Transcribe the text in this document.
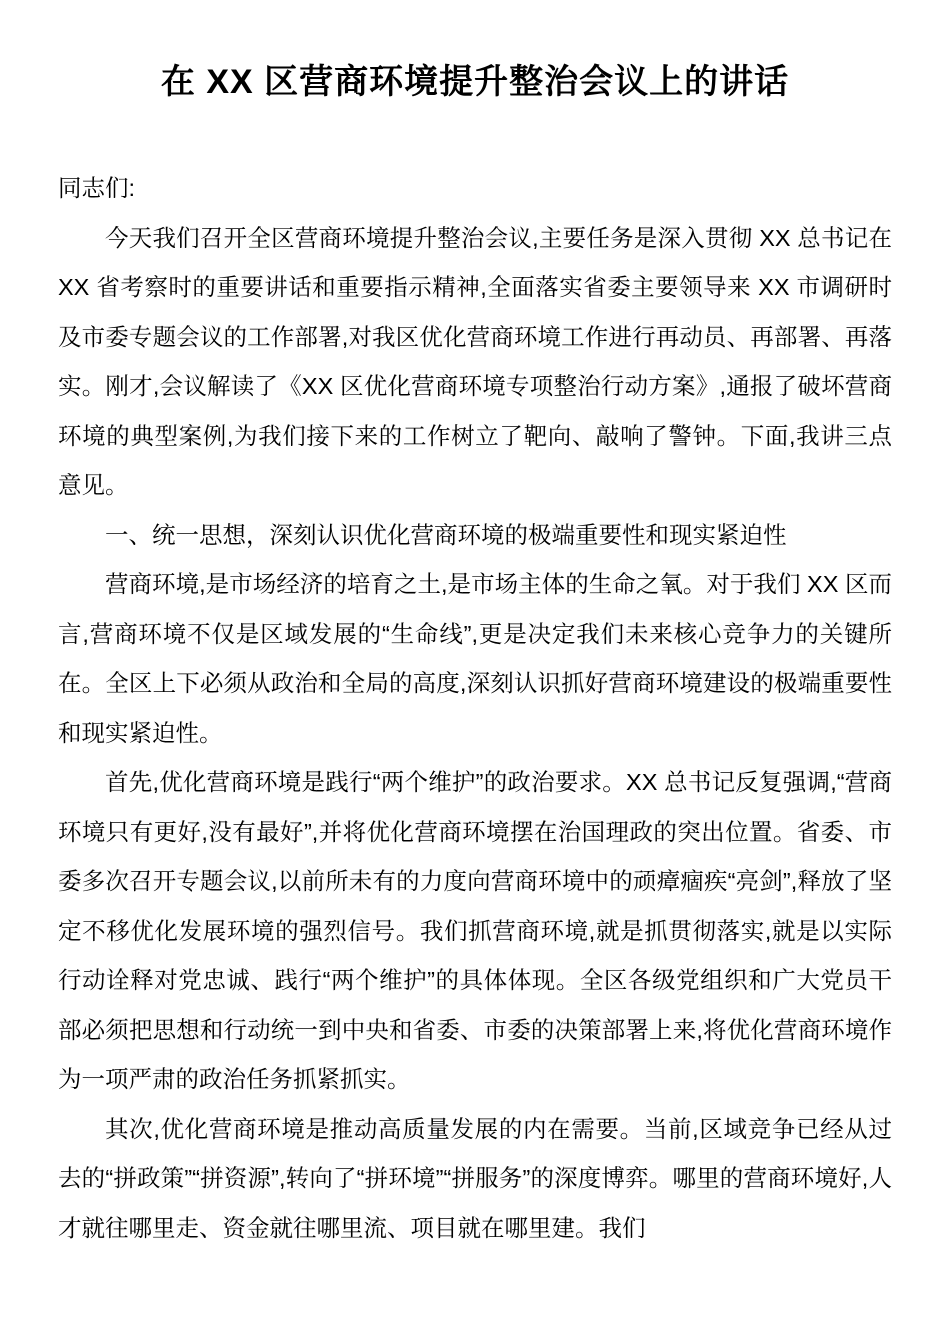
在 XX 区营商环境提升整治会议上的讲话

同志们:

今天我们召开全区营商环境提升整治会议,主要任务是深入贯彻 XX 总书记在 XX 省考察时的重要讲话和重要指示精神,全面落实省委主要领导来 XX 市调研时及市委专题会议的工作部署,对我区优化营商环境工作进行再动员、再部署、再落实。刚才,会议解读了《XX 区优化营商环境专项整治行动方案》,通报了破坏营商环境的典型案例,为我们接下来的工作树立了靶向、敲响了警钟。下面,我讲三点意见。

一、统一思想，深刻认识优化营商环境的极端重要性和现实紧迫性

营商环境,是市场经济的培育之土,是市场主体的生命之氧。对于我们 XX 区而言,营商环境不仅是区域发展的“生命线”,更是决定我们未来核心竞争力的关键所在。全区上下必须从政治和全局的高度,深刻认识抓好营商环境建设的极端重要性和现实紧迫性。

首先,优化营商环境是践行“两个维护”的政治要求。XX 总书记反复强调,“营商环境只有更好,没有最好”,并将优化营商环境摆在治国理政的突出位置。省委、市委多次召开专题会议,以前所未有的力度向营商环境中的顽瘴痼疾“亮剑”,释放了坚定不移优化发展环境的强烈信号。我们抓营商环境,就是抓贯彻落实,就是以实际行动诠释对党忠诚、践行“两个维护”的具体体现。全区各级党组织和广大党员干部必须把思想和行动统一到中央和省委、市委的决策部署上来,将优化营商环境作为一项严肃的政治任务抓紧抓实。

其次,优化营商环境是推动高质量发展的内在需要。当前,区域竞争已经从过去的“拼政策”“拼资源”,转向了“拼环境”“拼服务”的深度博弈。哪里的营商环境好,人才就往哪里走、资金就往哪里流、项目就在哪里建。我们
